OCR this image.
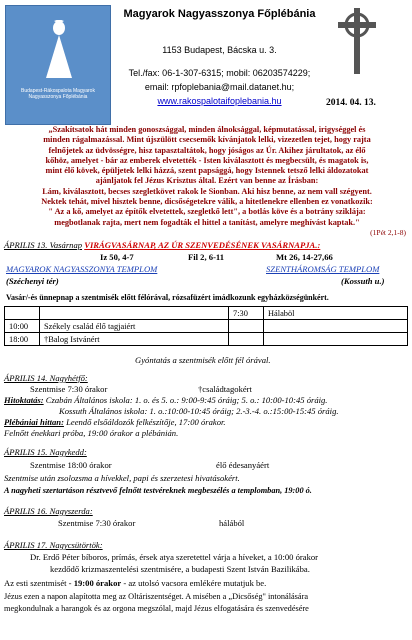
Budapest-Rákospalota Magyarok Nagyasszonya Főplébánia
Magyarok Nagyasszonya Főplébánia
1153 Budapest, Bácska u. 3.
Tel./fax: 06-1-307-6315; mobil: 06203574229;
email: rpfoplebania@mail.datanet.hu;
www.rakospalotaifoplebania.hu	2014. 04. 13.
„Szakítsatok hát minden gonoszsággal, minden álnoksággal, képmutatással, irigységgel és
minden rágalmazással. Mint újszülött csecsemők kívánjatok lelki, vizezetlen tejet, hogy rajta
felnőjetek az üdvösségre, hisz tapasztaltátok, hogy jóságos az Úr. Akihez járultatok, az élő
kőhöz, amelyet - bár az emberek elvetették - Isten kiválasztott és megbecsült, és magatok is,
mint élő kövek, épüljetek lelki házzá, szent papsággá, hogy Istennek tetsző lelki áldozatokat
ajánljatok fel Jézus Krisztus által. Ezért van benne az Írásban:
Lám, kiválasztott, becses szegletkövet rakok le Sionban. Aki hisz benne, az nem vall szégyent.
Nektek tehát, mivel hisztek benne, dicsőségetekre válik, a hitetlenekre ellenben ez vonatkozik:
" Az a kő, amelyet az építők elvetettek, szegletkő lett", a botlás köve és a botrány sziklája:
megbotlanak rajta, mert nem fogadták el hittel a tanítást, amelyre meghívást kaptak."
(1Pét 2,1-8)
ÁPRILIS 13. Vasárnap VIRÁGVASÁRNAP, AZ ÚR SZENVEDÉSÉNEK VASÁRNAPJA.:
Iz 50, 4-7	Fil 2, 6-11	Mt 26, 14-27,66
MAGYAROK NAGYASSZONYA TEMPLOM	SZENTHÁROMSÁG TEMPLOM
(Széchenyi tér)	(Kossuth u.)
Vasár/-és ünnepnap a szentmisék előtt félórával, rózsafüzért imádkozunk egyházközségünkért.
		7:30	Hálaböl
10:00	Székely család élő tagjaiért		
18:00	†Balog Istvánért		
Gyóntatás a szentmisék előtt fél órával.
ÁPRILIS 14. Nagyhétfő:
Szentmise 7:30 órakor	†családtagokért
Hitoktatás: Czabán Általános iskola: 1. o. és 5. o.: 9:00-9:45 óráig; 5. o.: 10:00-10:45 óráig.
Kossuth Általános iskola: 1. o.:10:00-10:45 óráig; 2.-3.-4. o.:15:00-15:45 óráig.
Plébániai hittan: Leendő elsőáldozók felkészítője, 17:00 órakor.
Felnőtt énekkari próba, 19:00 órakor a plébánián.
ÁPRILIS 15. Nagykedd:
Szentmise 18:00 órakor	élő édesanyáért
Szentmise után zsolozsma a hívekkel, papi és szerzetesi hivatásokért.
A nagyheti szertartáson résztvevő felnőtt testvéreknek megbeszélés a templomban, 19:00 ó.
ÁPRILIS 16. Nagyszerda:
Szentmise 7:30 órakor	hálából
ÁPRILIS 17. Nagycsütörtök:
Dr. Erdő Péter bíboros, prímás, érsek atya szeretettel várja a híveket, a 10:00 órakor
kezdődő krizmaszentelési szentmisére, a budapesti Szent István Bazilikába.
Az esti szentmisét - 19:00 órakor - az utolsó vacsora emlékére mutatjuk be.
Jézus ezen a napon alapította meg az Oltáriszentséget. A misében a „Dicsőség" intonálására
megkondulnak a harangok és az orgona megszólal, majd Jézus elfogatására és szenvedésére
